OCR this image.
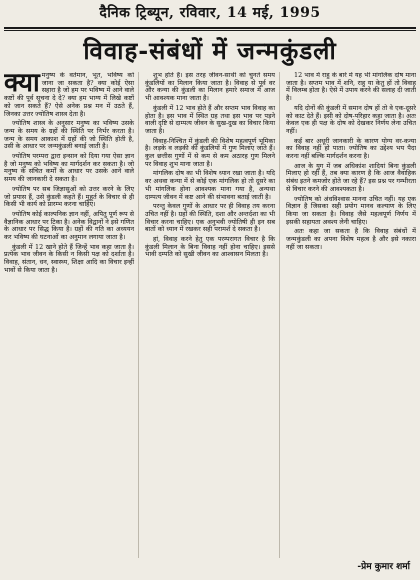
दैनिक ट्रिब्यून, रविवार, 14 मई, 1995
विवाह-संबंधों में जन्मकुंडली
क्या मनुष्य के वर्तमान, भूत, भविष्य को जाना जा सकता है? क्या कोई ऐसा सहारा है जो हम पर भविष्य में आने वाले कष्टों की पूर्व सूचना दे दे? क्या हम भाग्य में लिखे कष्टों को जान सकते हैं? ऐसे अनेक प्रश्न मन में उठते हैं, जिनका उत्तर ज्योतिष शास्त्र देता है।

ज्योतिष शास्त्र के अनुसार मनुष्य का भविष्य उसके जन्म के समय के ग्रहों की स्थिति पर निर्भर करता है। जन्म के समय आकाश में ग्रहों की जो स्थिति होती है, उसी के आधार पर जन्मकुंडली बनाई जाती है।

ज्योतिष परम्परा द्वारा इन्सान को दिया गया ऐसा ज्ञान है जो मनुष्य को भविष्य का मार्गदर्शन कर सकता है। जो मनुष्य के संचित कर्मों के आधार पर उसके आने वाले समय की जानकारी दे सकता है।

ज्योतिष पर सब जिज्ञासुओं को उत्तर करने के लिए जो प्रयास हैं, उसे कुंडली कहते हैं। मुहूर्त के विचार से ही किसी भी कार्य को प्रारम्भ करना चाहिए।

ज्योतिष कोई काल्पनिक ज्ञान नहीं, अपितु पूर्ण रूप से वैज्ञानिक आधार पर टिका है। अनेक विद्वानों ने इसे गणित के आधार पर सिद्ध किया है। ग्रहों की गति का अध्ययन कर भविष्य की घटनाओं का अनुमान लगाया जाता है।

कुंडली में 12 खाने होते हैं जिन्हें भाव कहा जाता है। प्रत्येक भाव जीवन के किसी न किसी पक्ष को दर्शाता है। विवाह, संतान, धन, स्वास्थ्य, शिक्षा आदि का विचार इन्हीं भावों से किया जाता है।

शुभ होते हैं। इस तरह जीवन-साथी को चुनते समय कुंडलियों का मिलान किया जाता है। विवाह से पूर्व वर और कन्या की कुंडली का मिलान हमारे समाज में आज भी आवश्यक माना जाता है।

कुंडली में 12 भाव होते हैं और सप्तम भाव विवाह का होता है। इस भाव में स्थित ग्रह तथा इस भाव पर पड़ने वाली दृष्टि से दाम्पत्य जीवन के सुख-दुख का विचार किया जाता है।

विवाह-निश्चित में कुंडली की विशेष महत्वपूर्ण भूमिका है। लड़के व लड़की की कुंडलियों में गुण मिलाए जाते हैं। कुल छत्तीस गुणों में से कम से कम अठारह गुण मिलने पर विवाह शुभ माना जाता है।

मांगलिक दोष का भी विशेष ध्यान रखा जाता है। यदि वर अथवा कन्या में से कोई एक मांगलिक हो तो दूसरे का भी मांगलिक होना आवश्यक माना गया है, अन्यथा दाम्पत्य जीवन में कष्ट आने की संभावना बताई जाती है।

परन्तु केवल गुणों के आधार पर ही विवाह तय करना उचित नहीं है। ग्रहों की स्थिति, दशा और अन्तर्दशा का भी विचार करना चाहिए। एक अनुभवी ज्योतिषी ही इन सब बातों को ध्यान में रखकर सही परामर्श दे सकता है।

हां, विवाह करने हेतु एक परम्परागत विचार है कि कुंडली मिलान के बिना विवाह नहीं होना चाहिए। इससे भावी दम्पति को सुखी जीवन का आश्वासन मिलता है।

12 भाव में राहु के बारे में यह भी मांगलिक दोष माना जाता है। सप्तम भाव में शनि, राहु या केतु हों तो विवाह में विलम्ब होता है। ऐसे में उपाय करने की सलाह दी जाती है।

यदि दोनों की कुंडली में समान दोष हों तो वे एक-दूसरे को काट देते हैं। इसी को दोष-परिहार कहा जाता है। अतः केवल एक ही पक्ष के दोष को देखकर निर्णय लेना उचित नहीं।

कई बार अधूरी जानकारी के कारण योग्य वर-कन्या का विवाह नहीं हो पाता। ज्योतिष का उद्देश्य भय पैदा करना नहीं बल्कि मार्गदर्शन करना है।

आज के युग में जब अधिकांश शादियां बिना कुंडली मिलाए हो रही हैं, तब क्या कारण है कि आज वैवाहिक संबंध इतने कमजोर होते जा रहे हैं? इस प्रश्न पर गम्भीरता से विचार करने की आवश्यकता है।

ज्योतिष को अंधविश्वास मानना उचित नहीं। यह एक विज्ञान है जिसका सही प्रयोग मानव कल्याण के लिए किया जा सकता है। विवाह जैसे महत्वपूर्ण निर्णय में इसकी सहायता अवश्य लेनी चाहिए।

अतः कहा जा सकता है कि विवाह संबंधों में जन्मकुंडली का अपना विशेष महत्व है और इसे नकारा नहीं जा सकता।

-प्रेम कुमार शर्मा
